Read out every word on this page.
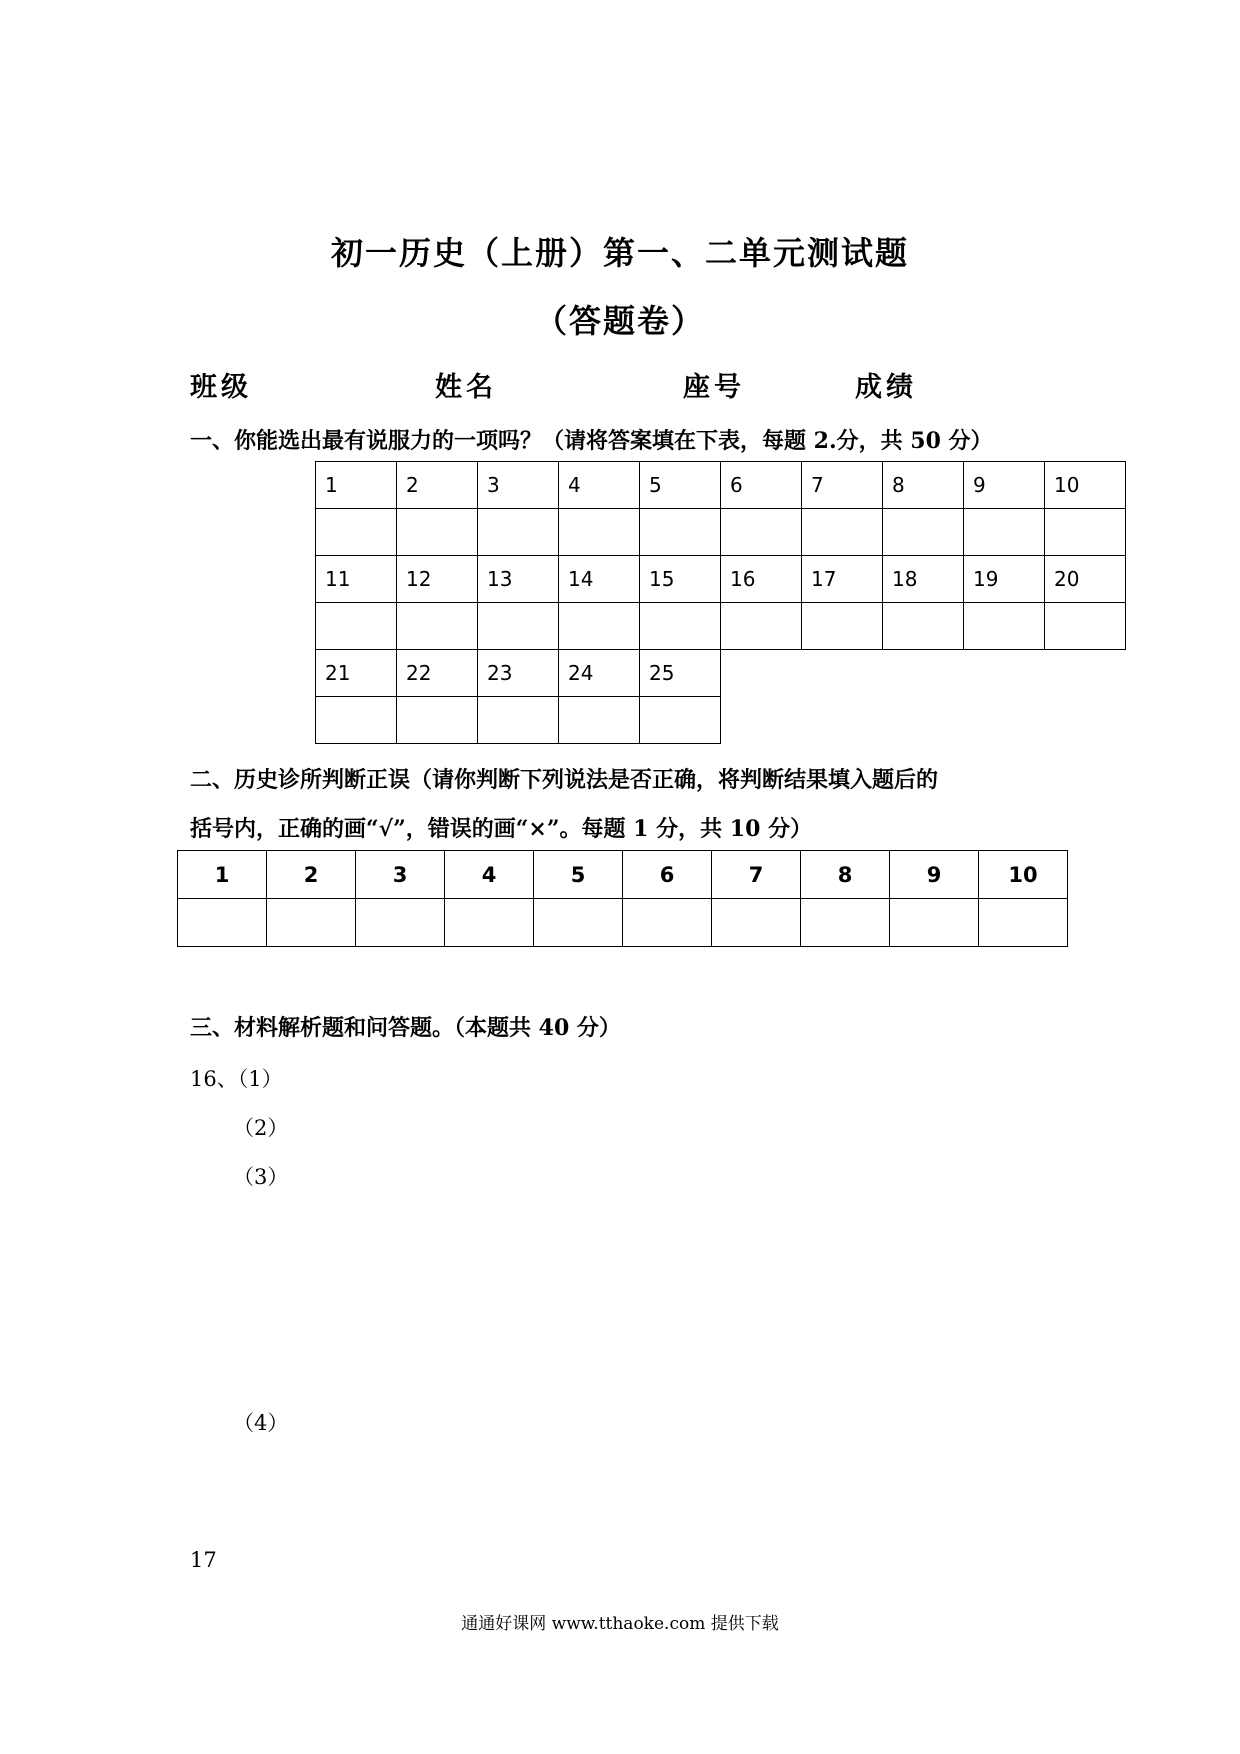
初一历史（上册）第一、二单元测试题
（答题卷）
班级	姓名	座号	成绩
一、你能选出最有说服力的一项吗？（请将答案填在下表，每题 2.分，共 50 分）
1	2	3	4	5	6	7	8	9	10

11	12	13	14	15	16	17	18	19	20

21	22	23	24	25					

二、历史诊所判断正误（请你判断下列说法是否正确，将判断结果填入题后的
括号内，正确的画“√”，错误的画“×”。每题 1 分，共 10 分）
1	2	3	4	5	6	7	8	9	10

三、材料解析题和问答题。（本题共 40 分）
16、（1）
（2）
（3）
（4）
17
通通好课网 www.tthaoke.com 提供下载
